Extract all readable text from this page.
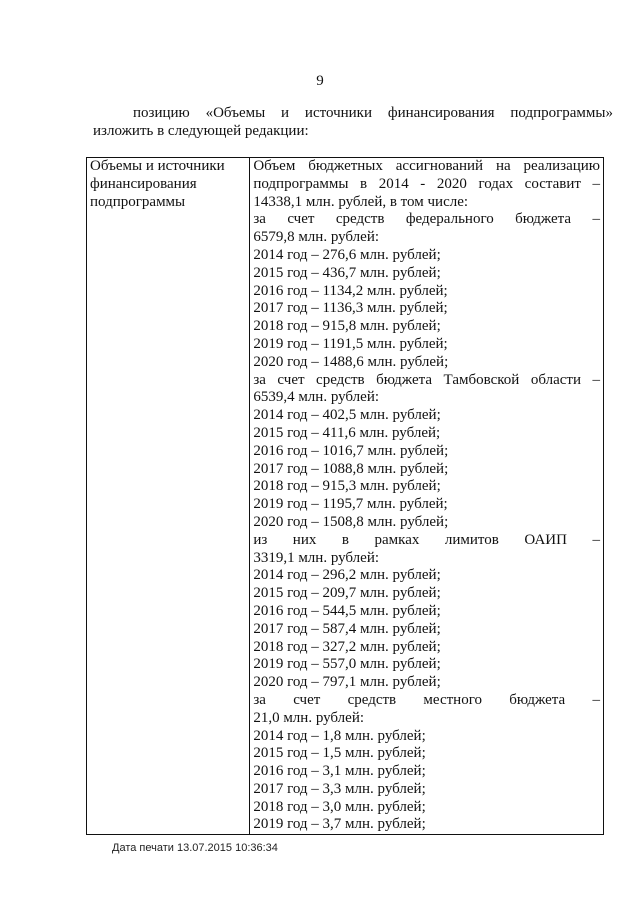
9
позицию «Объемы и источники финансирования подпрограммы»
изложить в следующей редакции:
Объемы и источники
финансирования
подпрограммы

Объем бюджетных ассигнований на реализацию
подпрограммы в 2014 - 2020 годах составит –
14338,1 млн. рублей, в том числе:
за счет средств федерального бюджета –
6579,8 млн. рублей:
2014 год – 276,6 млн. рублей;
2015 год – 436,7 млн. рублей;
2016 год – 1134,2 млн. рублей;
2017 год – 1136,3 млн. рублей;
2018 год – 915,8 млн. рублей;
2019 год – 1191,5 млн. рублей;
2020 год – 1488,6 млн. рублей;
за счет средств бюджета Тамбовской области –
6539,4 млн. рублей:
2014 год – 402,5 млн. рублей;
2015 год – 411,6 млн. рублей;
2016 год – 1016,7 млн. рублей;
2017 год – 1088,8 млн. рублей;
2018 год – 915,3 млн. рублей;
2019 год – 1195,7 млн. рублей;
2020 год – 1508,8 млн. рублей;
из них в рамках лимитов ОАИП –
3319,1 млн. рублей:
2014 год – 296,2 млн. рублей;
2015 год – 209,7 млн. рублей;
2016 год – 544,5 млн. рублей;
2017 год – 587,4 млн. рублей;
2018 год – 327,2 млн. рублей;
2019 год – 557,0 млн. рублей;
2020 год – 797,1 млн. рублей;
за счет средств местного бюджета –
21,0 млн. рублей:
2014 год – 1,8 млн. рублей;
2015 год – 1,5 млн. рублей;
2016 год – 3,1 млн. рублей;
2017 год – 3,3 млн. рублей;
2018 год – 3,0 млн. рублей;
2019 год – 3,7 млн. рублей;
Дата печати 13.07.2015 10:36:34
